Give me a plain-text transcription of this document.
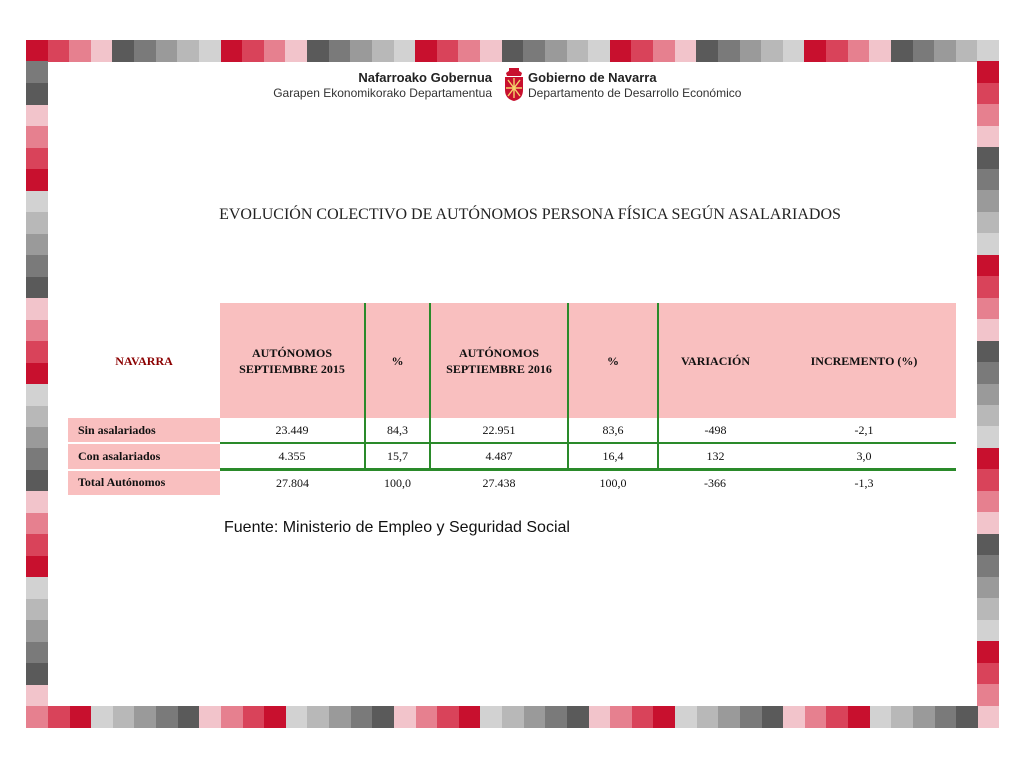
Nafarroako Gobernua
Garapen Ekonomikorako Departamentua
Gobierno de Navarra
Departamento de Desarrollo Económico
EVOLUCIÓN COLECTIVO DE AUTÓNOMOS PERSONA FÍSICA SEGÚN ASALARIADOS
NAVARRA	AUTÓNOMOS SEPTIEMBRE 2015	%	AUTÓNOMOS SEPTIEMBRE 2016	%	VARIACIÓN	INCREMENTO (%)
Sin asalariados	23.449	84,3	22.951	83,6	-498	-2,1
Con asalariados	4.355	15,7	4.487	16,4	132	3,0
Total Autónomos	27.804	100,0	27.438	100,0	-366	-1,3
Fuente: Ministerio de Empleo y Seguridad Social
